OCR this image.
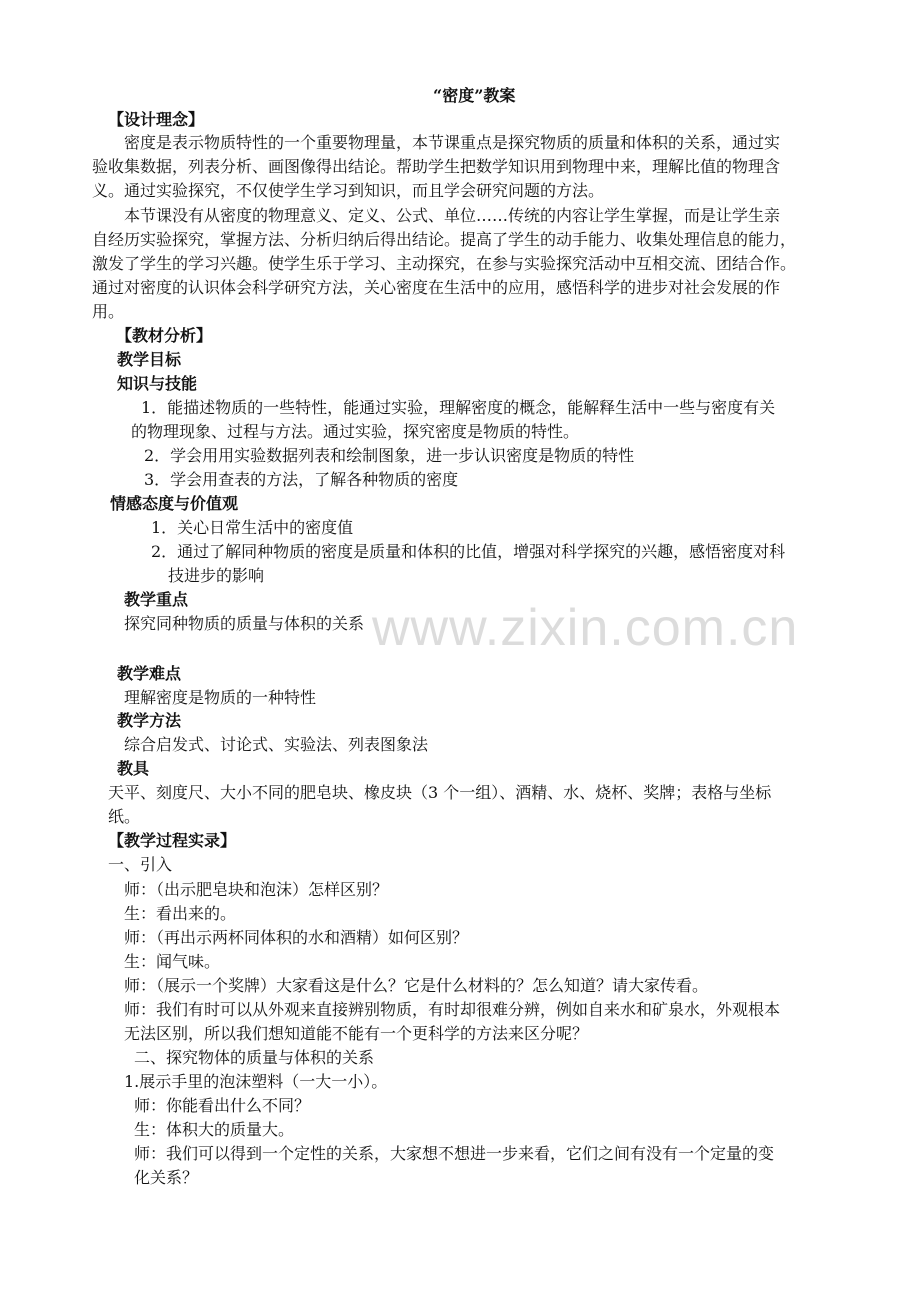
www.zixin.com.cn
“密度”教案
【设计理念】
密度是表示物质特性的一个重要物理量，本节课重点是探究物质的质量和体积的关系，通过实
验收集数据，列表分析、画图像得出结论。帮助学生把数学知识用到物理中来，理解比值的物理含
义。通过实验探究，不仅使学生学习到知识，而且学会研究问题的方法。
本节课没有从密度的物理意义、定义、公式、单位……传统的内容让学生掌握，而是让学生亲
自经历实验探究，掌握方法、分析归纳后得出结论。提高了学生的动手能力、收集处理信息的能力，
激发了学生的学习兴趣。使学生乐于学习、主动探究，在参与实验探究活动中互相交流、团结合作。
通过对密度的认识体会科学研究方法，关心密度在生活中的应用，感悟科学的进步对社会发展的作
用。
【教材分析】
教学目标
知识与技能
1．能描述物质的一些特性，能通过实验，理解密度的概念，能解释生活中一些与密度有关
的物理现象、过程与方法。通过实验，探究密度是物质的特性。
2．学会用用实验数据列表和绘制图象，进一步认识密度是物质的特性
3．学会用查表的方法，了解各种物质的密度
情感态度与价值观
1．关心日常生活中的密度值
2．通过了解同种物质的密度是质量和体积的比值，增强对科学探究的兴趣，感悟密度对科
技进步的影响
教学重点
探究同种物质的质量与体积的关系
教学难点
理解密度是物质的一种特性
教学方法
综合启发式、讨论式、实验法、列表图象法
教具
天平、刻度尺、大小不同的肥皂块、橡皮块（3 个一组）、酒精、水、烧杯、奖牌；表格与坐标
纸。
【教学过程实录】
一、引入
师：（出示肥皂块和泡沫）怎样区别？
生：看出来的。
师：（再出示两杯同体积的水和酒精）如何区别？
生：闻气味。
师：（展示一个奖牌）大家看这是什么？它是什么材料的？怎么知道？请大家传看。
师：我们有时可以从外观来直接辨别物质，有时却很难分辨，例如自来水和矿泉水，外观根本
无法区别，所以我们想知道能不能有一个更科学的方法来区分呢？
二、探究物体的质量与体积的关系
1.展示手里的泡沫塑料（一大一小）。
师：你能看出什么不同？
生：体积大的质量大。
师：我们可以得到一个定性的关系，大家想不想进一步来看，它们之间有没有一个定量的变
化关系？
